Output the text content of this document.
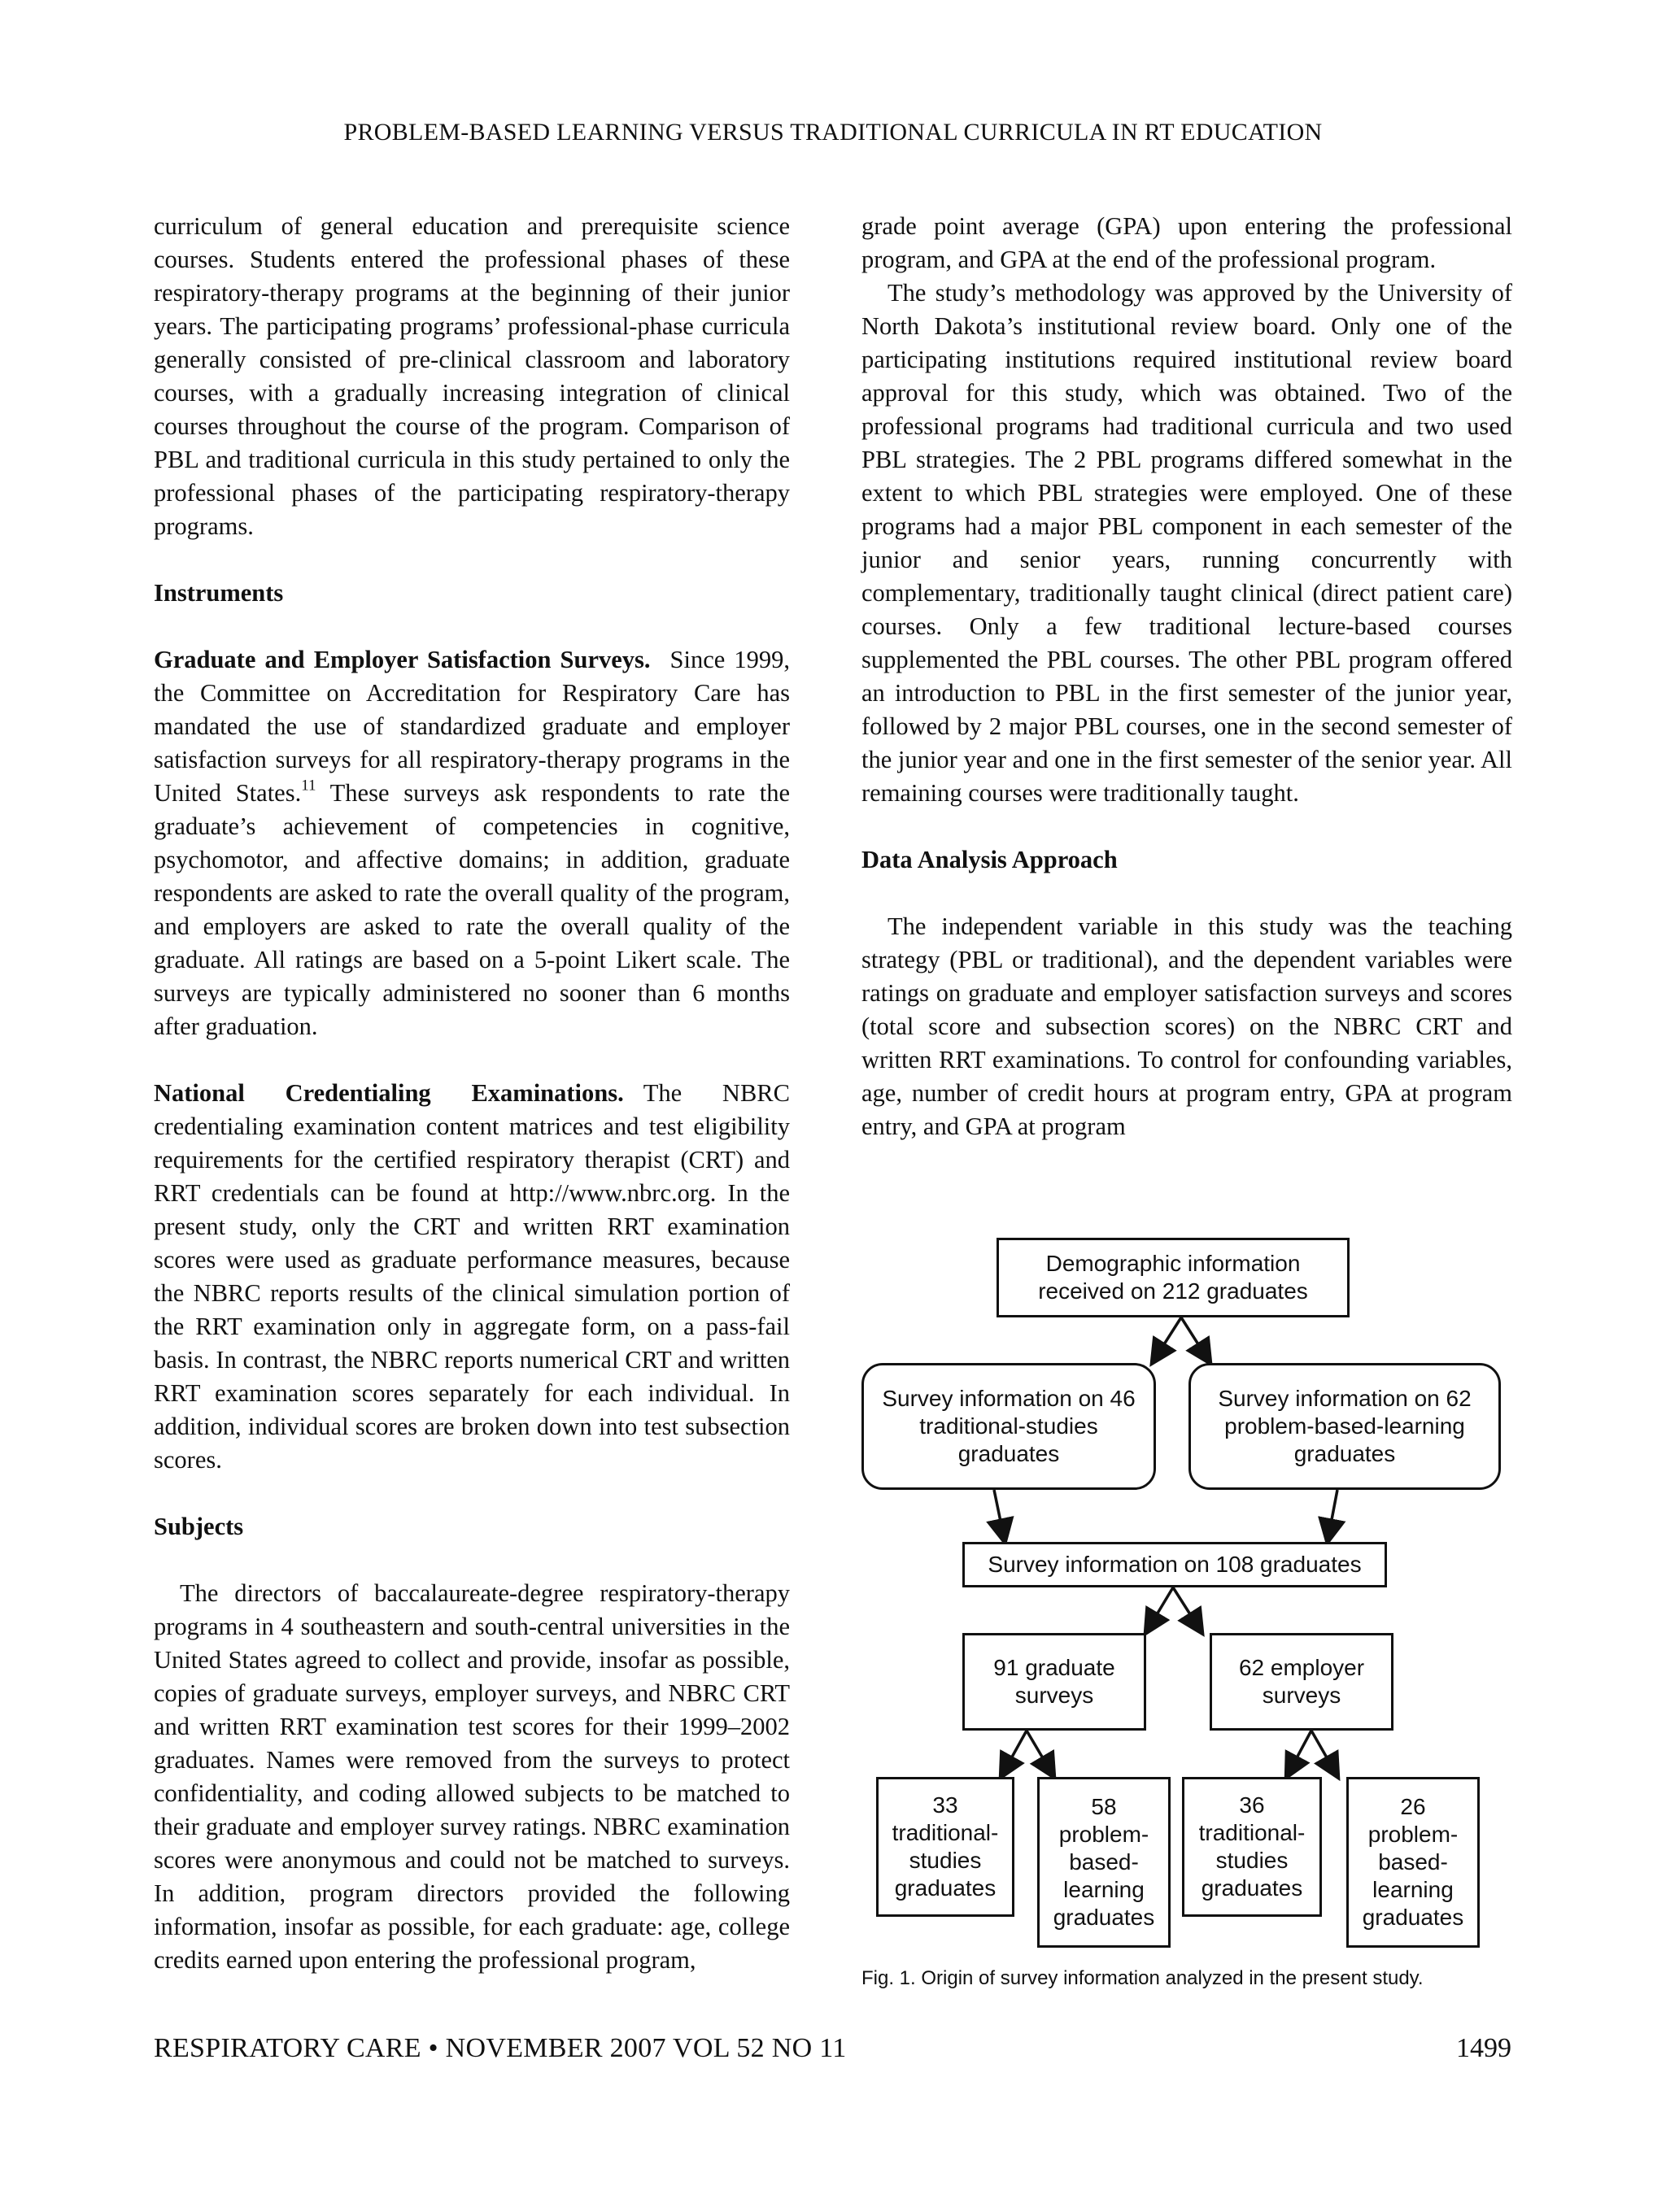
PROBLEM-BASED LEARNING VERSUS TRADITIONAL CURRICULA IN RT EDUCATION

curriculum of general education and prerequisite science courses. Students entered the professional phases of these respiratory-therapy programs at the beginning of their junior years. The participating programs’ professional-phase curricula generally consisted of pre-clinical classroom and laboratory courses, with a gradually increasing integration of clinical courses throughout the course of the program. Comparison of PBL and traditional curricula in this study pertained to only the professional phases of the participating respiratory-therapy programs.

Instruments

Graduate and Employer Satisfaction Surveys. Since 1999, the Committee on Accreditation for Respiratory Care has mandated the use of standardized graduate and employer satisfaction surveys for all respiratory-therapy programs in the United States.$^{11}$ These surveys ask respondents to rate the graduate’s achievement of competencies in cognitive, psychomotor, and affective domains; in addition, graduate respondents are asked to rate the overall quality of the program, and employers are asked to rate the overall quality of the graduate. All ratings are based on a 5-point Likert scale. The surveys are typically administered no sooner than 6 months after graduation.

National Credentialing Examinations. The NBRC credentialing examination content matrices and test eligibility requirements for the certified respiratory therapist (CRT) and RRT credentials can be found at http://www.nbrc.org. In the present study, only the CRT and written RRT examination scores were used as graduate performance measures, because the NBRC reports results of the clinical simulation portion of the RRT examination only in aggregate form, on a pass-fail basis. In contrast, the NBRC reports numerical CRT and written RRT examination scores separately for each individual. In addition, individual scores are broken down into test subsection scores.

Subjects

The directors of baccalaureate-degree respiratory-therapy programs in 4 southeastern and south-central universities in the United States agreed to collect and provide, insofar as possible, copies of graduate surveys, employer surveys, and NBRC CRT and written RRT examination test scores for their 1999–2002 graduates. Names were removed from the surveys to protect confidentiality, and coding allowed subjects to be matched to their graduate and employer survey ratings. NBRC examination scores were anonymous and could not be matched to surveys. In addition, program directors provided the following information, insofar as possible, for each graduate: age, college credits earned upon entering the professional program,

grade point average (GPA) upon entering the professional program, and GPA at the end of the professional program.

The study’s methodology was approved by the University of North Dakota’s institutional review board. Only one of the participating institutions required institutional review board approval for this study, which was obtained. Two of the professional programs had traditional curricula and two used PBL strategies. The 2 PBL programs differed somewhat in the extent to which PBL strategies were employed. One of these programs had a major PBL component in each semester of the junior and senior years, running concurrently with complementary, traditionally taught clinical (direct patient care) courses. Only a few traditional lecture-based courses supplemented the PBL courses. The other PBL program offered an introduction to PBL in the first semester of the junior year, followed by 2 major PBL courses, one in the second semester of the junior year and one in the first semester of the senior year. All remaining courses were traditionally taught.

Data Analysis Approach

The independent variable in this study was the teaching strategy (PBL or traditional), and the dependent variables were ratings on graduate and employer satisfaction surveys and scores (total score and subsection scores) on the NBRC CRT and written RRT examinations. To control for confounding variables, age, number of credit hours at program entry, GPA at program entry, and GPA at program

Demographic information received on 212 graduates
Survey information on 46 traditional-studies graduates
Survey information on 62 problem-based-learning graduates
Survey information on 108 graduates
91 graduate surveys
62 employer surveys
33 traditional-studies graduates
58 problem-based-learning graduates
36 traditional-studies graduates
26 problem-based-learning graduates
Fig. 1. Origin of survey information analyzed in the present study.
RESPIRATORY CARE • NOVEMBER 2007 VOL 52 NO 11	1499
